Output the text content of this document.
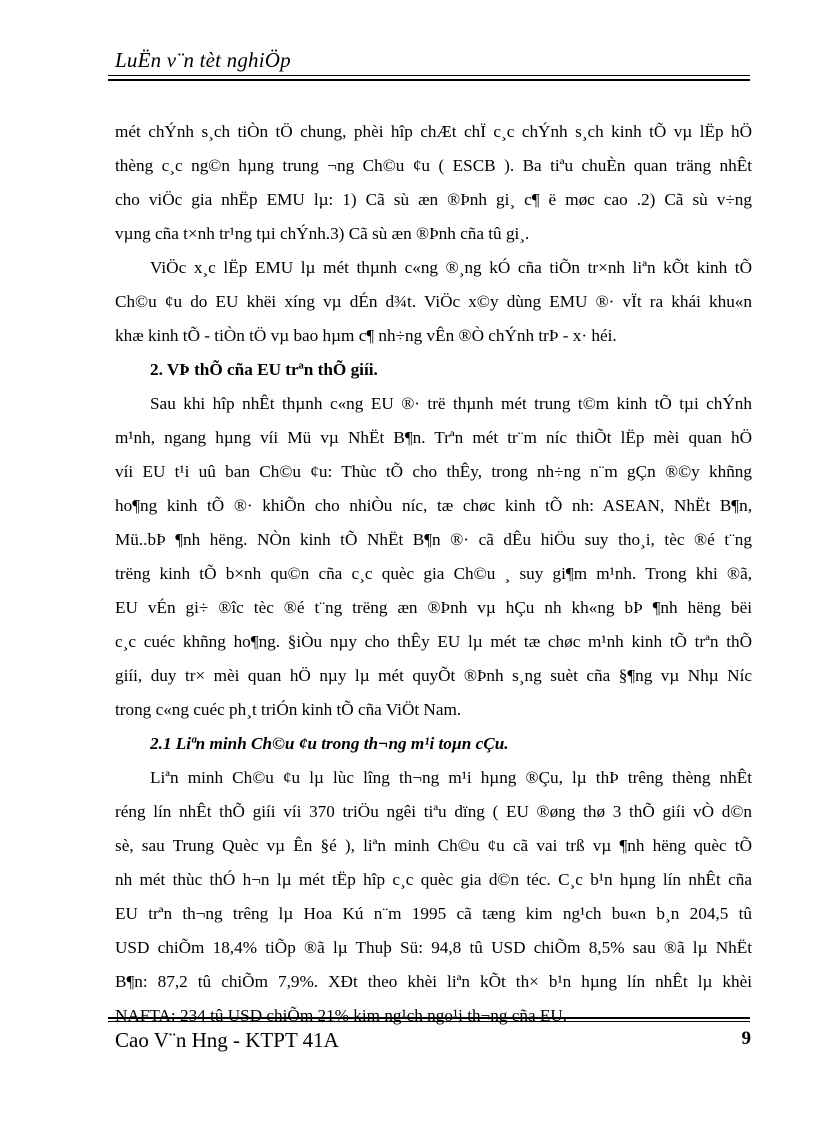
LuËn v¨n tèt nghiÖp
mét chÝnh s¸ch tiÒn tÖ chung, phèi hîp chÆt chÏ c¸c chÝnh s¸ch kinh tÕ vµ lËp hÖ
thèng c¸c ng©n hµng trung ¬ng Ch©u ¢u ( ESCB ). Ba tiªu chuÈn quan träng nhÊt
cho viÖc gia nhËp EMU lµ: 1) Cã sù æn ®Þnh gi¸ c¶ ë møc cao .2) Cã sù v÷ng
vµng cña t×nh tr¹ng tµi chÝnh.3) Cã sù æn ®Þnh cña tû gi¸.
ViÖc x¸c lËp EMU lµ mét thµnh c«ng ®¸ng kÓ cña tiÕn tr×nh liªn kÕt kinh tÕ
Ch©u ¢u do EU khëi xíng vµ dÉn d¾t. ViÖc x©y dùng EMU ®· vÏt ra khái khu«n
khæ kinh tÕ - tiÒn tÖ vµ bao hµm c¶ nh÷ng vÊn ®Ò chÝnh trÞ - x· héi.
2. VÞ thÕ cña EU trªn thÕ giíi.
Sau khi hîp nhÊt thµnh c«ng EU ®· trë thµnh mét trung t©m kinh tÕ tµi chÝnh
m¹nh, ngang hµng víi Mü vµ NhËt B¶n. Trªn mét tr¨m níc thiÕt lËp mèi quan hÖ
víi EU t¹i uû ban Ch©u ¢u: Thùc tÕ cho thÊy, trong nh÷ng n¨m gÇn ®©y khñng
ho¶ng kinh tÕ ®· khiÕn cho nhiÒu níc, tæ chøc kinh tÕ nh: ASEAN, NhËt B¶n,
Mü..bÞ ¶nh hëng. NÒn kinh tÕ NhËt B¶n ®· cã dÊu hiÖu suy tho¸i, tèc ®é t¨ng
trëng kinh tÕ b×nh qu©n cña c¸c quèc gia Ch©u ¸ suy gi¶m m¹nh. Trong khi ®ã,
EU vÉn gi÷ ®îc tèc ®é t¨ng trëng æn ®Þnh vµ hÇu nh kh«ng bÞ ¶nh hëng bëi
c¸c cuéc khñng ho¶ng. §iÒu nµy cho thÊy EU lµ mét tæ chøc m¹nh kinh tÕ trªn thÕ
giíi, duy tr× mèi quan hÖ nµy lµ mét quyÕt ®Þnh s¸ng suèt cña §¶ng vµ Nhµ Níc
trong c«ng cuéc ph¸t triÓn kinh tÕ cña ViÖt Nam.
2.1 Liªn minh Ch©u ¢u trong th¬ng m¹i toµn cÇu.
Liªn minh Ch©u ¢u lµ lùc lîng th¬ng m¹i hµng ®Çu, lµ thÞ trêng thèng nhÊt
réng lín nhÊt thÕ giíi víi 370 triÖu ngêi tiªu dïng ( EU ®øng thø 3 thÕ giíi vÒ d©n
sè, sau Trung Quèc vµ Ên §é ), liªn minh Ch©u ¢u cã vai trß vµ ¶nh hëng quèc tÕ
nh mét thùc thÓ h¬n lµ mét tËp hîp c¸c quèc gia d©n téc. C¸c b¹n hµng lín nhÊt cña
EU trªn th¬ng trêng lµ Hoa Kú n¨m 1995 cã tæng kim ng¹ch bu«n b¸n 204,5 tû
USD chiÕm 18,4% tiÕp ®ã lµ Thuþ Sü: 94,8 tû USD chiÕm 8,5% sau ®ã lµ NhËt
B¶n: 87,2 tû chiÕm 7,9%. XÐt theo khèi liªn kÕt th× b¹n hµng lín nhÊt lµ khèi
NAFTA: 234 tû USD chiÕm 21% kim ng¹ch ngo¹i th¬ng cña EU.
Cao V¨n Hng - KTPT 41A	9
